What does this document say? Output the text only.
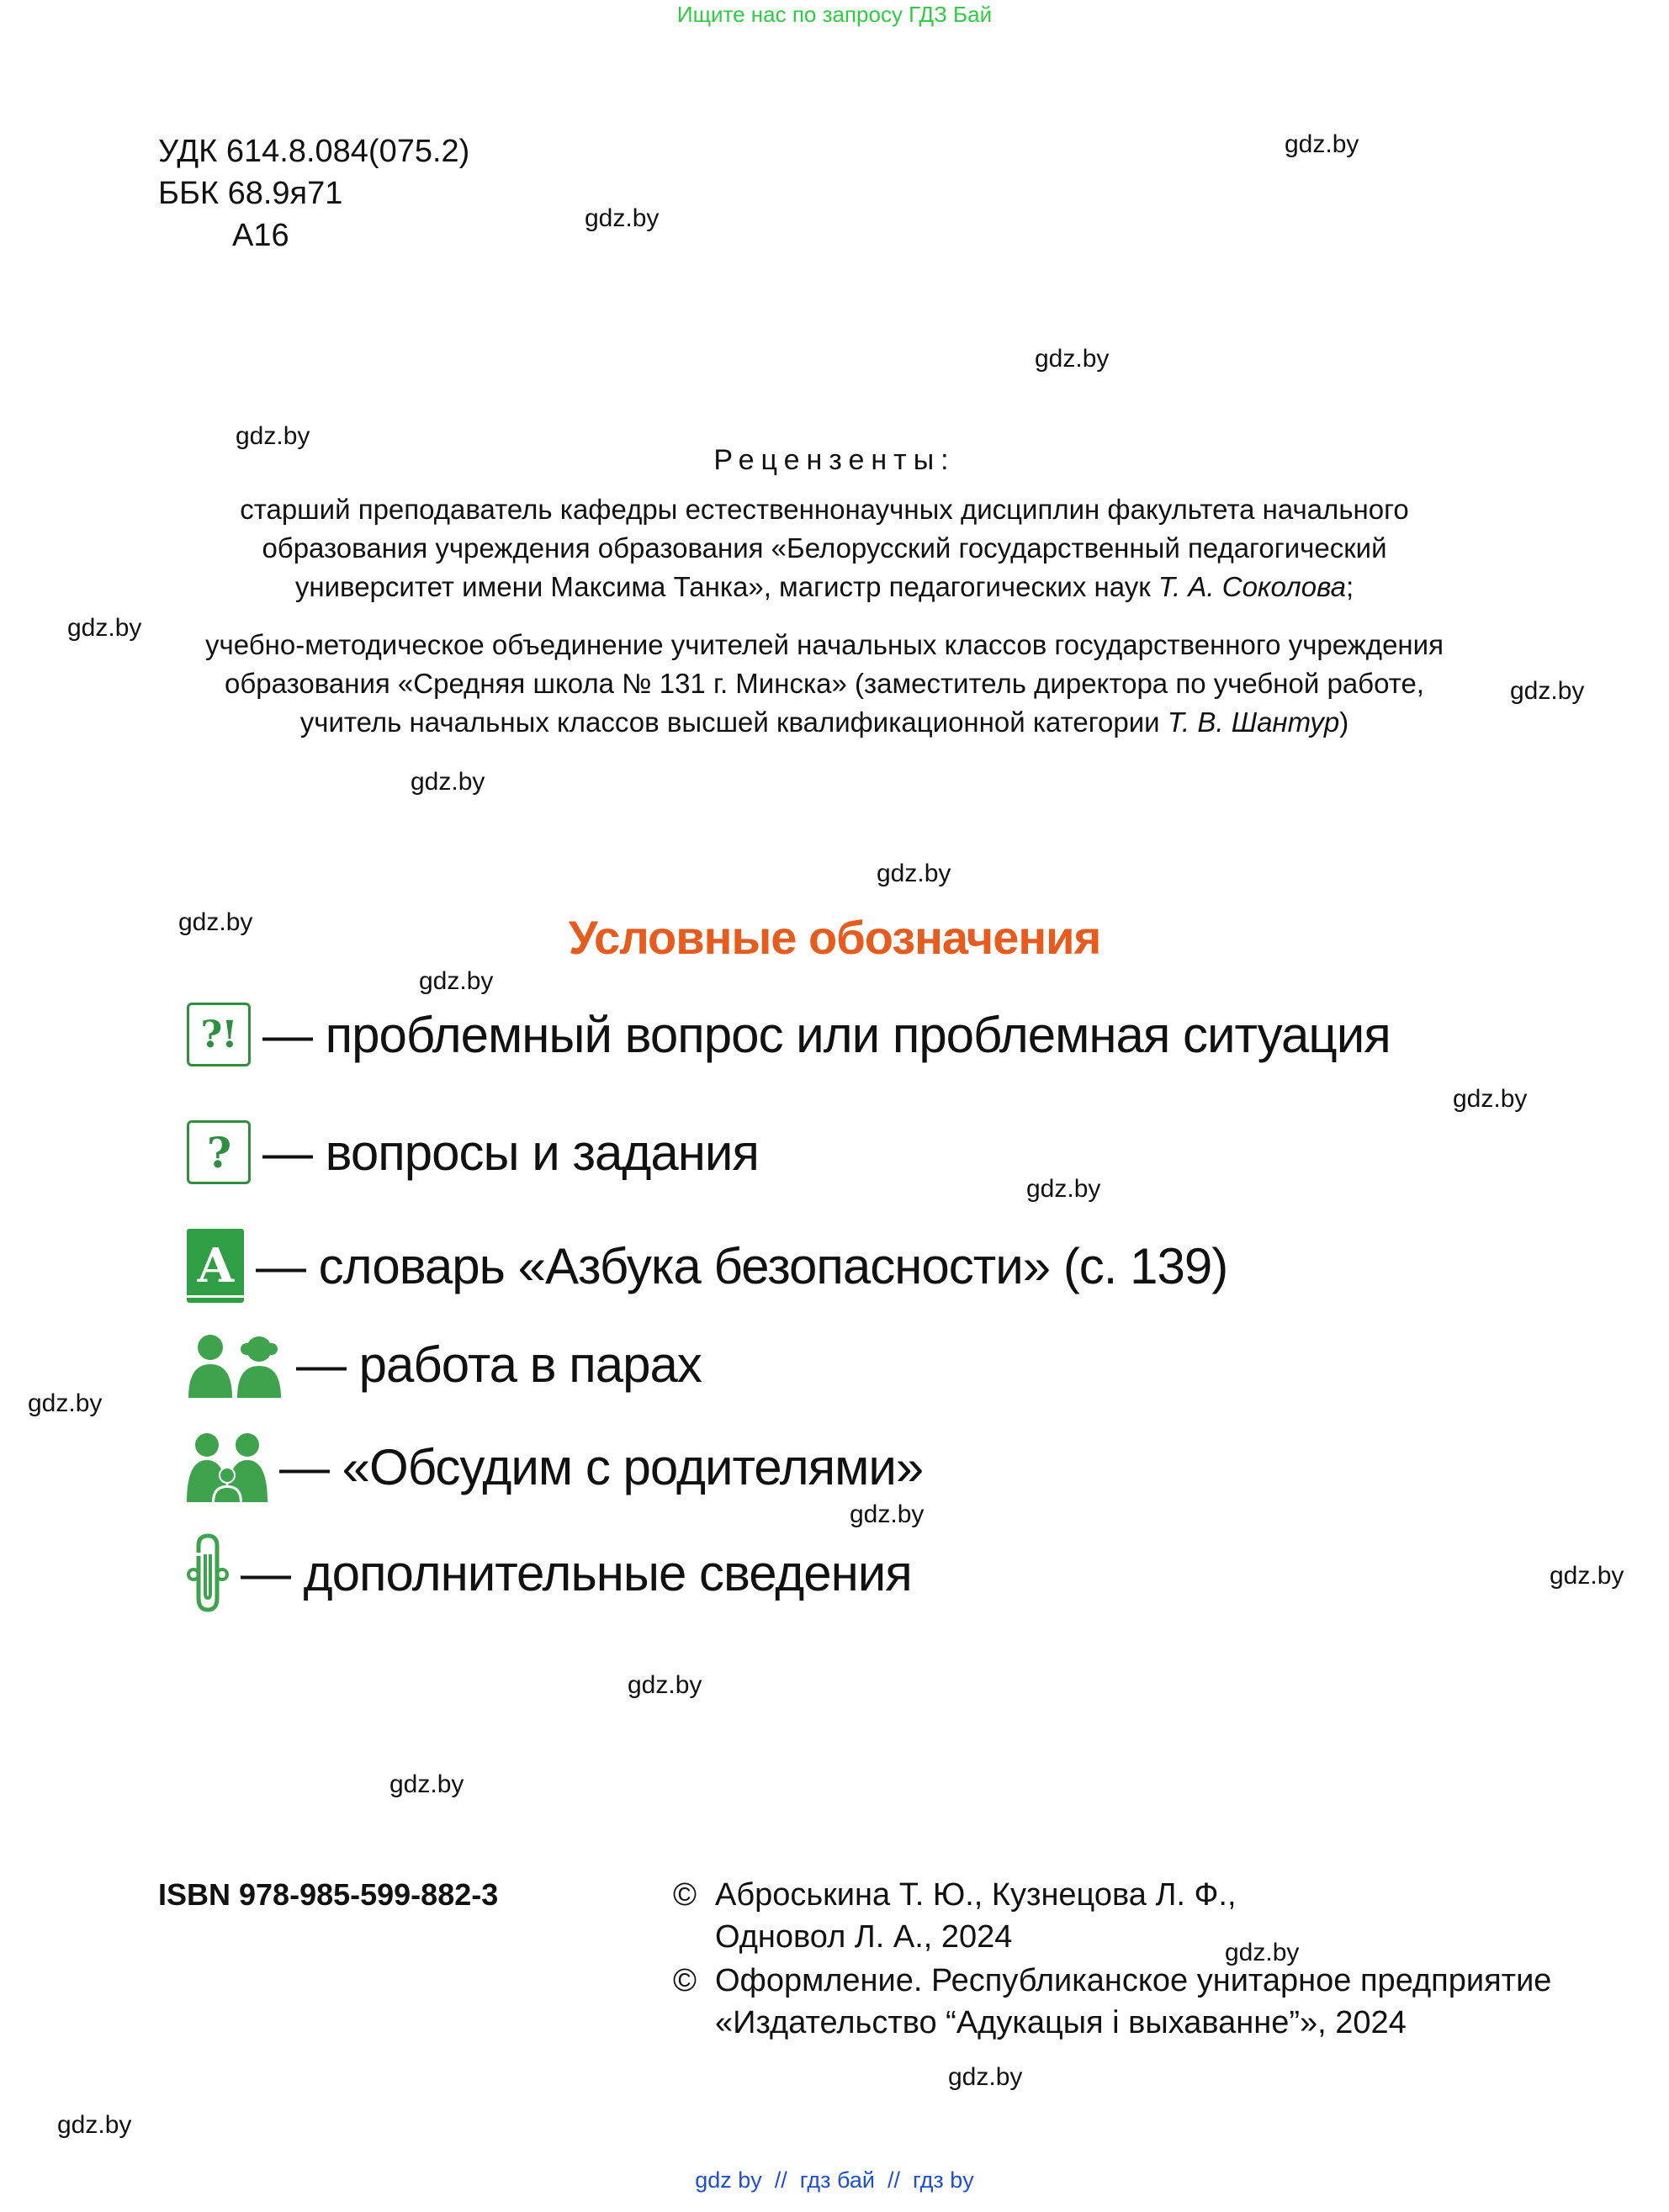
Ищите нас по запросу ГДЗ Бай
УДК 614.8.084(075.2)
ББК 68.9я71
А16
gdz.by
gdz.by
gdz.by
gdz.by
gdz.by
gdz.by
gdz.by
gdz.by
gdz.by
gdz.by
gdz.by
gdz.by
gdz.by
gdz.by
gdz.by
gdz.by
gdz.by
gdz.by
gdz.by
gdz.by
Рецензенты:
старший преподаватель кафедры естественнонаучных дисциплин факультета начального
образования учреждения образования «Белорусский государственный педагогический
университет имени Максима Танка», магистр педагогических наук Т. А. Соколова;
учебно-методическое объединение учителей начальных классов государственного учреждения
образования «Средняя школа № 131 г. Минска» (заместитель директора по учебной работе,
учитель начальных классов высшей квалификационной категории Т. В. Шантур)
Условные обозначения
?! — проблемный вопрос или проблемная ситуация
? — вопросы и задания
А — словарь «Азбука безопасности» (с. 139)
— работа в парах
— «Обсудим с родителями»
— дополнительные сведения
ISBN 978-985-599-882-3	© Аброськина Т. Ю., Кузнецова Л. Ф.,
Одновол Л. А., 2024
© Оформление. Республиканское унитарное предприятие
«Издательство “Адукацыя і выхаванне”», 2024
gdz by  //  гдз бай  //  гдз by
